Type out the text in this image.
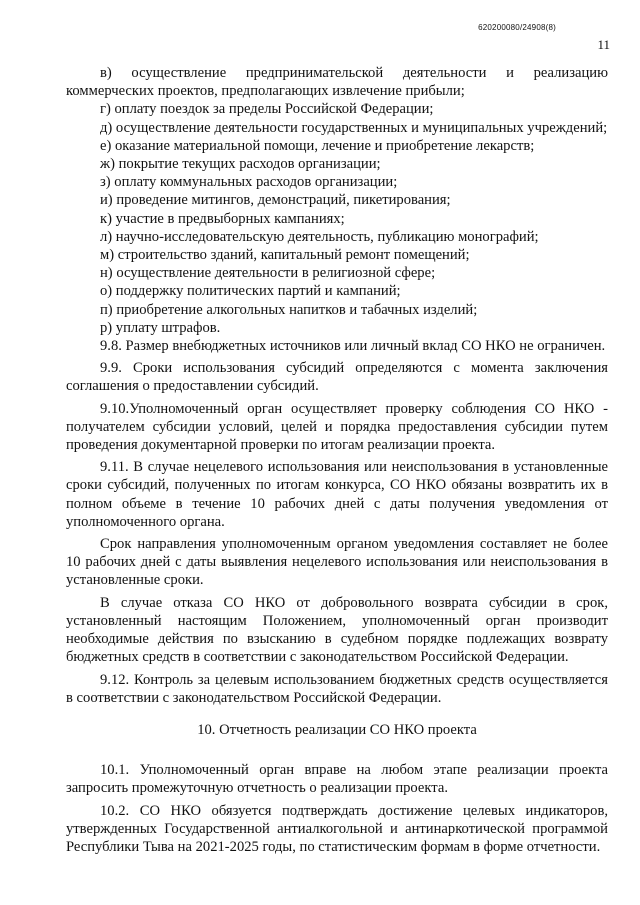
620200080/24908(8)
11

в) осуществление предпринимательской деятельности и реализацию коммерческих проектов, предполагающих извлечение прибыли;

г) оплату поездок за пределы Российской Федерации;

д) осуществление деятельности государственных и муниципальных учреждений;

е) оказание материальной помощи, лечение и приобретение лекарств;

ж) покрытие текущих расходов организации;

з) оплату коммунальных расходов организации;

и) проведение митингов, демонстраций, пикетирования;

к) участие в предвыборных кампаниях;

л) научно-исследовательскую деятельность, публикацию монографий;

м) строительство зданий, капитальный ремонт помещений;

н) осуществление деятельности в религиозной сфере;

о) поддержку политических партий и кампаний;

п) приобретение алкогольных напитков и табачных изделий;

р) уплату штрафов.

9.8. Размер внебюджетных источников или личный вклад СО НКО не ограничен.

9.9. Сроки использования субсидий определяются с момента заключения соглашения о предоставлении субсидий.

9.10.Уполномоченный орган осуществляет проверку соблюдения СО НКО - получателем субсидии условий, целей и порядка предоставления субсидии путем проведения документарной проверки по итогам реализации проекта.

9.11. В случае нецелевого использования или неиспользования в установленные сроки субсидий, полученных по итогам конкурса, СО НКО обязаны возвратить их в полном объеме в течение 10 рабочих дней с даты получения уведомления от уполномоченного органа.

Срок направления уполномоченным органом уведомления составляет не более 10 рабочих дней с даты выявления нецелевого использования или неиспользования в установленные сроки.

В случае отказа СО НКО от добровольного возврата субсидии в срок, установленный настоящим Положением, уполномоченный орган производит необходимые действия по взысканию в судебном порядке подлежащих возврату бюджетных средств в соответствии с законодательством Российской Федерации.

9.12. Контроль за целевым использованием бюджетных средств осуществляется в соответствии с законодательством Российской Федерации.

10. Отчетность реализации СО НКО проекта

10.1. Уполномоченный орган вправе на любом этапе реализации проекта запросить промежуточную отчетность о реализации проекта.

10.2. СО НКО обязуется подтверждать достижение целевых индикаторов, утвержденных Государственной антиалкогольной и антинаркотической программой Республики Тыва на 2021-2025 годы, по статистическим формам в форме отчетности.
